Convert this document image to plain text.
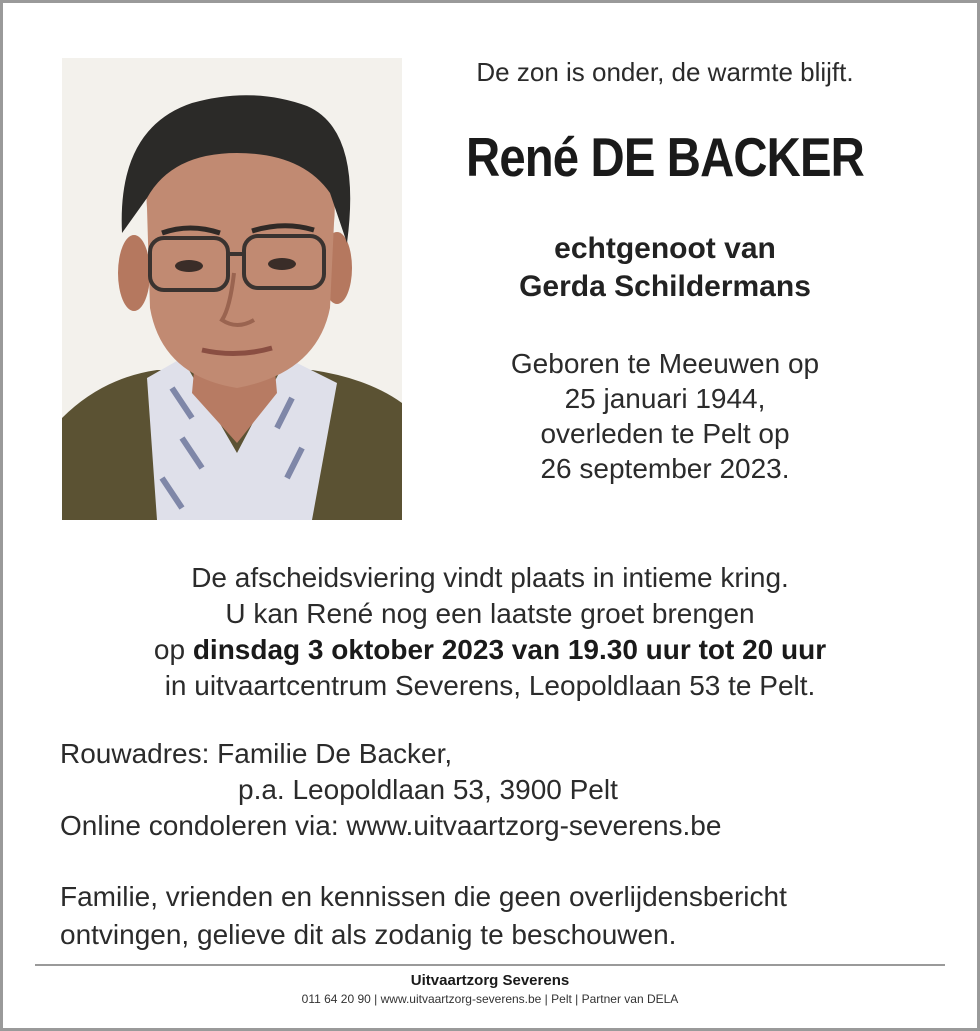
De zon is onder, de warmte blijft.
René DE BACKER
echtgenoot van
Gerda Schildermans
Geboren te Meeuwen op
25 januari 1944,
overleden te Pelt op
26 september 2023.
De afscheidsviering vindt plaats in intieme kring.
U kan René nog een laatste groet brengen
op dinsdag 3 oktober 2023 van 19.30 uur tot 20 uur
in uitvaartcentrum Severens, Leopoldlaan 53 te Pelt.
Rouwadres: Familie De Backer,
p.a. Leopoldlaan 53, 3900 Pelt
Online condoleren via: www.uitvaartzorg-severens.be
Familie, vrienden en kennissen die geen overlijdensbericht
ontvingen, gelieve dit als zodanig te beschouwen.
Uitvaartzorg Severens
011 64 20 90 | www.uitvaartzorg-severens.be | Pelt | Partner van DELA
